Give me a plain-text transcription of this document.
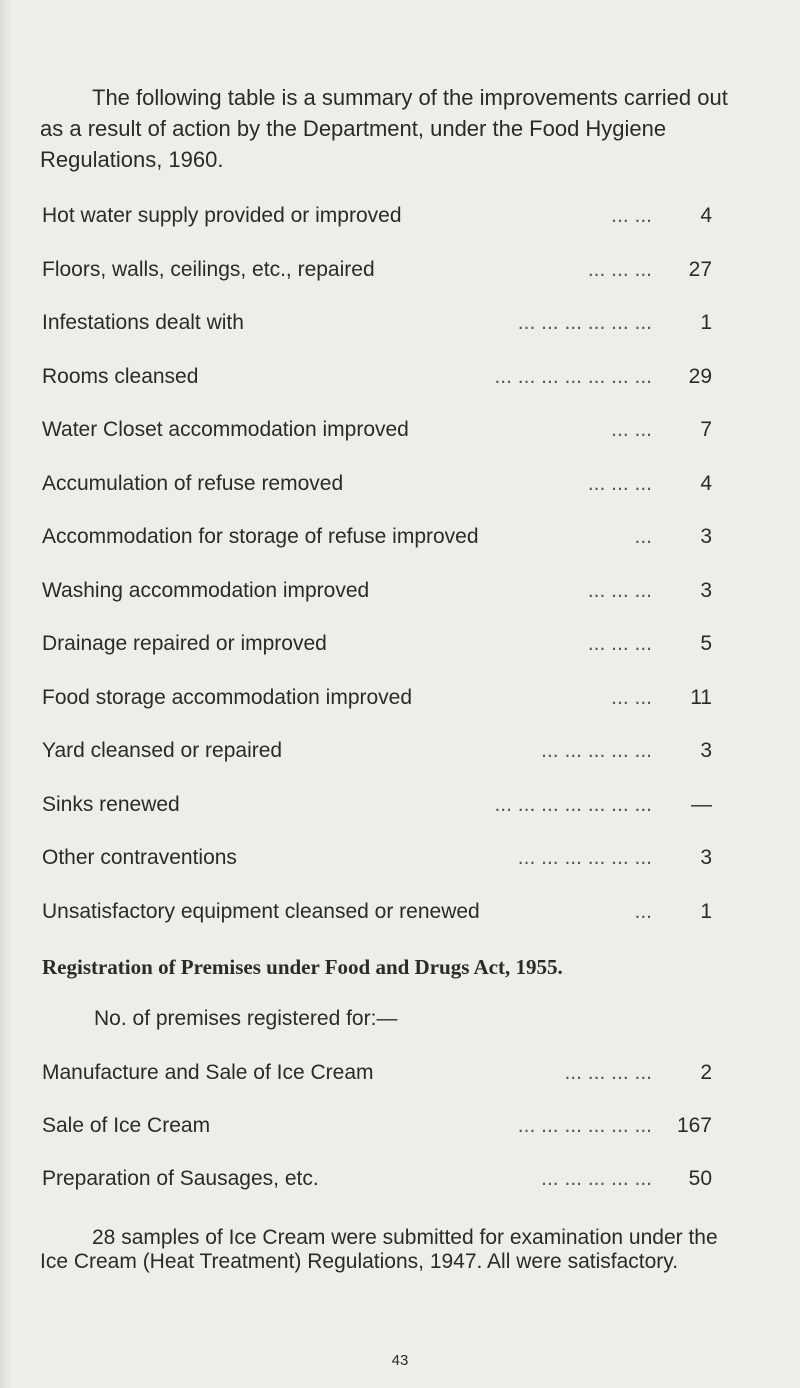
The following table is a summary of the improvements carried out as a result of action by the Department, under the Food Hygiene Regulations, 1960.

Hot water supply provided or improved	... ...	4
Floors, walls, ceilings, etc., repaired	... ... ...	27
Infestations dealt with	... ... ... ... ... ...	1
Rooms cleansed	... ... ... ... ... ... ...	29
Water Closet accommodation improved	... ...	7
Accumulation of refuse removed	... ... ...	4
Accommodation for storage of refuse improved	...	3
Washing accommodation improved	... ... ...	3
Drainage repaired or improved	... ... ...	5
Food storage accommodation improved	... ...	11
Yard cleansed or repaired	... ... ... ... ...	3
Sinks renewed	... ... ... ... ... ... ...	—
Other contraventions	... ... ... ... ... ...	3
Unsatisfactory equipment cleansed or renewed	...	1

Registration of Premises under Food and Drugs Act, 1955.

No. of premises registered for:—

Manufacture and Sale of Ice Cream	... ... ... ...	2
Sale of Ice Cream	... ... ... ... ... ...	167
Preparation of Sausages, etc.	... ... ... ... ...	50

28 samples of Ice Cream were submitted for examination under the Ice Cream (Heat Treatment) Regulations, 1947. All were satisfactory.

43
